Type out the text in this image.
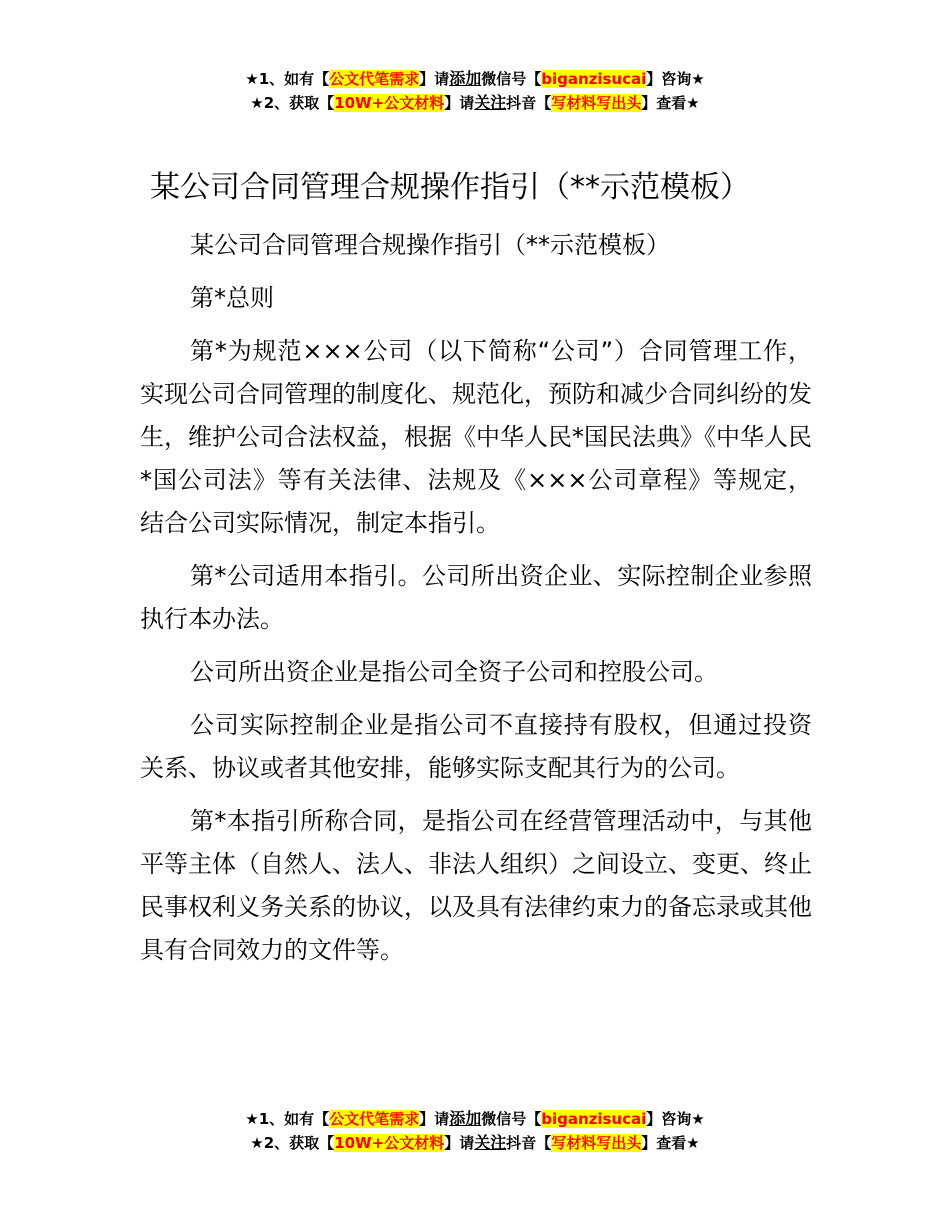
★1、如有【公文代笔需求】请添加微信号【biganzisucai】咨询★
★2、获取【10W+公文材料】请关注抖音【写材料写出头】查看★
某公司合同管理合规操作指引（**示范模板）

某公司合同管理合规操作指引（**示范模板）

第*总则

第*为规范×××公司（以下简称“公司”）合同管理工作，实现公司合同管理的制度化、规范化，预防和减少合同纠纷的发生，维护公司合法权益，根据《中华人民*国民法典》《中华人民*国公司法》等有关法律、法规及《×××公司章程》等规定，结合公司实际情况，制定本指引。

第*公司适用本指引。公司所出资企业、实际控制企业参照执行本办法。

公司所出资企业是指公司全资子公司和控股公司。

公司实际控制企业是指公司不直接持有股权，但通过投资关系、协议或者其他安排，能够实际支配其行为的公司。

第*本指引所称合同，是指公司在经营管理活动中，与其他平等主体（自然人、法人、非法人组织）之间设立、变更、终止民事权利义务关系的协议，以及具有法律约束力的备忘录或其他具有合同效力的文件等。

★1、如有【公文代笔需求】请添加微信号【biganzisucai】咨询★
★2、获取【10W+公文材料】请关注抖音【写材料写出头】查看★
